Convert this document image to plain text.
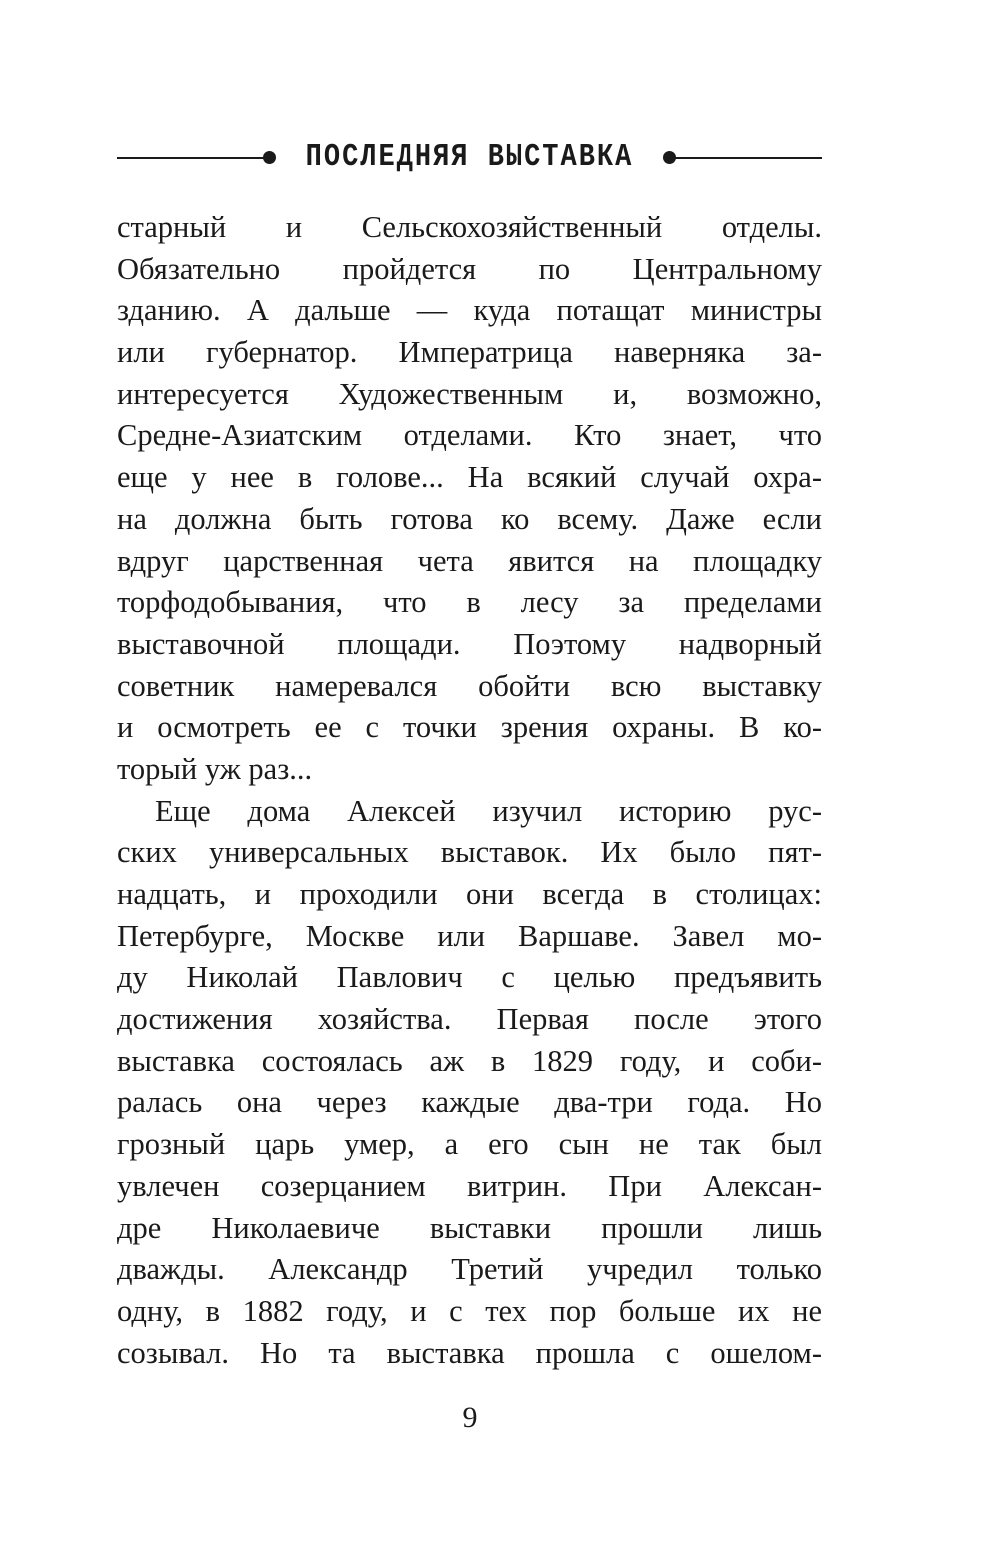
ПОСЛЕДНЯЯ ВЫСТАВКА
старный и Сельскохозяйственный отделы.
Обязательно пройдется по Центральному
зданию. А дальше — куда потащат министры
или губернатор. Императрица наверняка за-
интересуется Художественным и, возможно,
Средне-Азиатским отделами. Кто знает, что
еще у нее в голове... На всякий случай охра-
на должна быть готова ко всему. Даже если
вдруг царственная чета явится на площадку
торфодобывания, что в лесу за пределами
выставочной площади. Поэтому надворный
советник намеревался обойти всю выставку
и осмотреть ее с точки зрения охраны. В ко-
торый уж раз...
Еще дома Алексей изучил историю рус-
ских универсальных выставок. Их было пят-
надцать, и проходили они всегда в столицах:
Петербурге, Москве или Варшаве. Завел мо-
ду Николай Павлович с целью предъявить
достижения хозяйства. Первая после этого
выставка состоялась аж в 1829 году, и соби-
ралась она через каждые два-три года. Но
грозный царь умер, а его сын не так был
увлечен созерцанием витрин. При Алексан-
дре Николаевиче выставки прошли лишь
дважды. Александр Третий учредил только
одну, в 1882 году, и с тех пор больше их не
созывал. Но та выставка прошла с ошелом-
9
